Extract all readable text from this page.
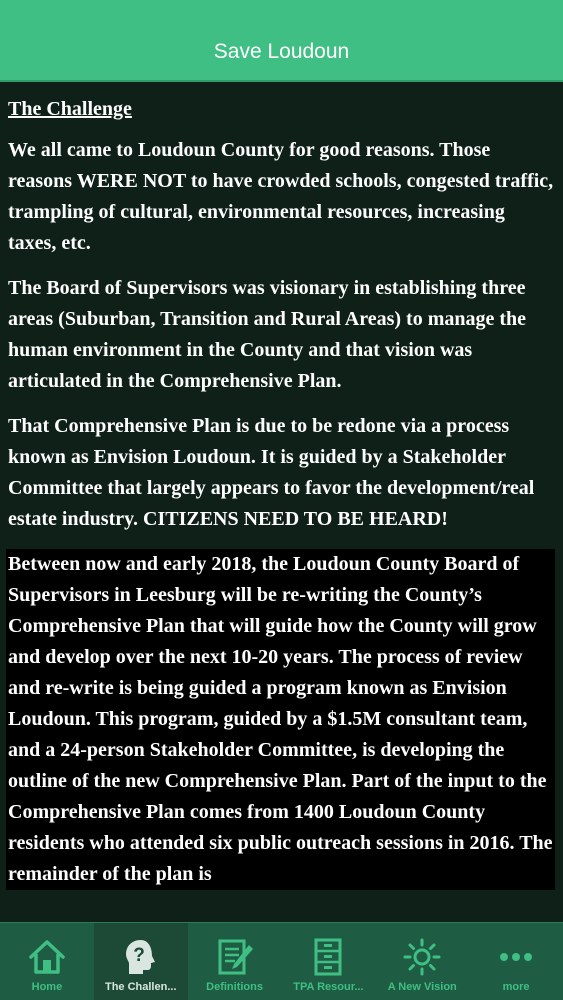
Save Loudoun
The Challenge

We all came to Loudoun County for good reasons. Those reasons WERE NOT to have crowded schools, congested traffic, trampling of cultural, environmental resources, increasing taxes, etc.

The Board of Supervisors was visionary in establishing three areas (Suburban, Transition and Rural Areas) to manage the human environment in the County and that vision was articulated in the Comprehensive Plan.

That Comprehensive Plan is due to be redone via a process known as Envision Loudoun. It is guided by a Stakeholder Committee that largely appears to favor the development/real estate industry. CITIZENS NEED TO BE HEARD!

Between now and early 2018, the Loudoun County Board of Supervisors in Leesburg will be re-writing the County’s Comprehensive Plan that will guide how the County will grow and develop over the next 10-20 years. The process of review and re-write is being guided a program known as Envision Loudoun. This program, guided by a $1.5M consultant team, and a 24-person Stakeholder Committee, is developing the outline of the new Comprehensive Plan. Part of the input to the Comprehensive Plan comes from 1400 Loudoun County residents who attended six public outreach sessions in 2016. The remainder of the plan is

Home
?
The Challen...	Definitions	TPA Resour...	A New Vision	more
